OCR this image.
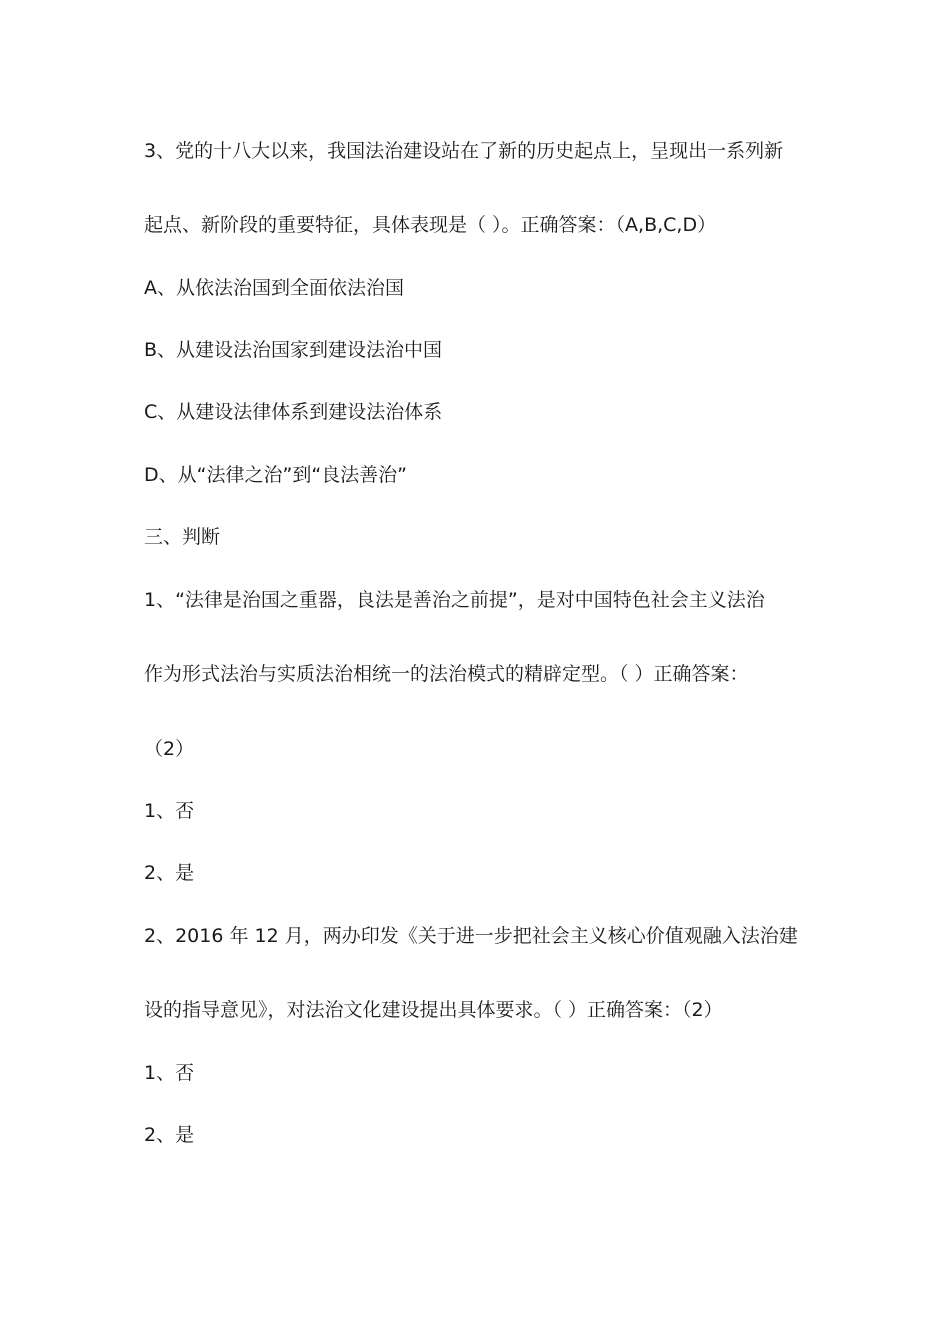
3、党的十八大以来，我国法治建设站在了新的历史起点上，呈现出一系列新
起点、新阶段的重要特征，具体表现是（ ）。正确答案：（A,B,C,D）
A、从依法治国到全面依法治国
B、从建设法治国家到建设法治中国
C、从建设法律体系到建设法治体系
D、从“法律之治”到“良法善治”
三、判断
1、“法律是治国之重器，良法是善治之前提”，是对中国特色社会主义法治
作为形式法治与实质法治相统一的法治模式的精辟定型。（ ）正确答案：
（2）
1、否
2、是
2、2016 年 12 月，两办印发《关于进一步把社会主义核心价值观融入法治建
设的指导意见》，对法治文化建设提出具体要求。（ ）正确答案：（2）
1、否
2、是
